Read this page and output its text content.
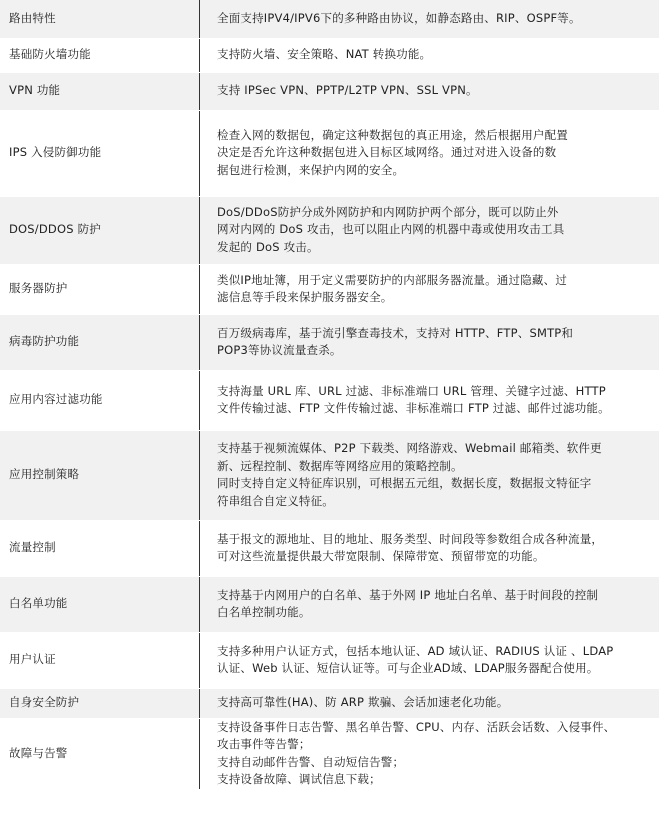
路由特性	全面支持IPV4/IPV6下的多种路由协议，如静态路由、RIP、OSPF等。

基础防火墙功能	支持防火墙、安全策略、NAT 转换功能。

VPN 功能	支持 IPSec VPN、PPTP/L2TP VPN、SSL VPN。

IPS 入侵防御功能	检查入网的数据包，确定这种数据包的真正用途，然后根据用户配置
决定是否允许这种数据包进入目标区域网络。通过对进入设备的数
据包进行检测，来保护内网的安全。

DOS/DDOS 防护	DoS/DDoS防护分成外网防护和内网防护两个部分，既可以防止外
网对内网的 DoS 攻击，也可以阻止内网的机器中毒或使用攻击工具
发起的 DoS 攻击。

服务器防护	类似IP地址簿，用于定义需要防护的内部服务器流量。通过隐藏、过
滤信息等手段来保护服务器安全。

病毒防护功能	百万级病毒库，基于流引擎查毒技术，支持对 HTTP、FTP、SMTP和
POP3等协议流量查杀。

应用内容过滤功能	支持海量 URL 库、URL 过滤、非标准端口 URL 管理、关键字过滤、HTTP
文件传输过滤、FTP 文件传输过滤、非标准端口 FTP 过滤、邮件过滤功能。

应用控制策略	支持基于视频流媒体、P2P 下载类、网络游戏、Webmail 邮箱类、软件更
新、远程控制、数据库等网络应用的策略控制。
同时支持自定义特征库识别，可根据五元组，数据长度，数据报文特征字
符串组合自定义特征。

流量控制	基于报文的源地址、目的地址、服务类型、时间段等参数组合成各种流量，
可对这些流量提供最大带宽限制、保障带宽、预留带宽的功能。

白名单功能	支持基于内网用户的白名单、基于外网 IP 地址白名单、基于时间段的控制
白名单控制功能。

用户认证	支持多种用户认证方式，包括本地认证、AD 域认证、RADIUS 认证 、LDAP
认证、Web 认证、短信认证等。可与企业AD域、LDAP服务器配合使用。

自身安全防护	支持高可靠性(HA)、防 ARP 欺骗、会话加速老化功能。

故障与告警	支持设备事件日志告警、黑名单告警、CPU、内存、活跃会话数、入侵事件、
攻击事件等告警；
支持自动邮件告警、自动短信告警；
支持设备故障、调试信息下载；
